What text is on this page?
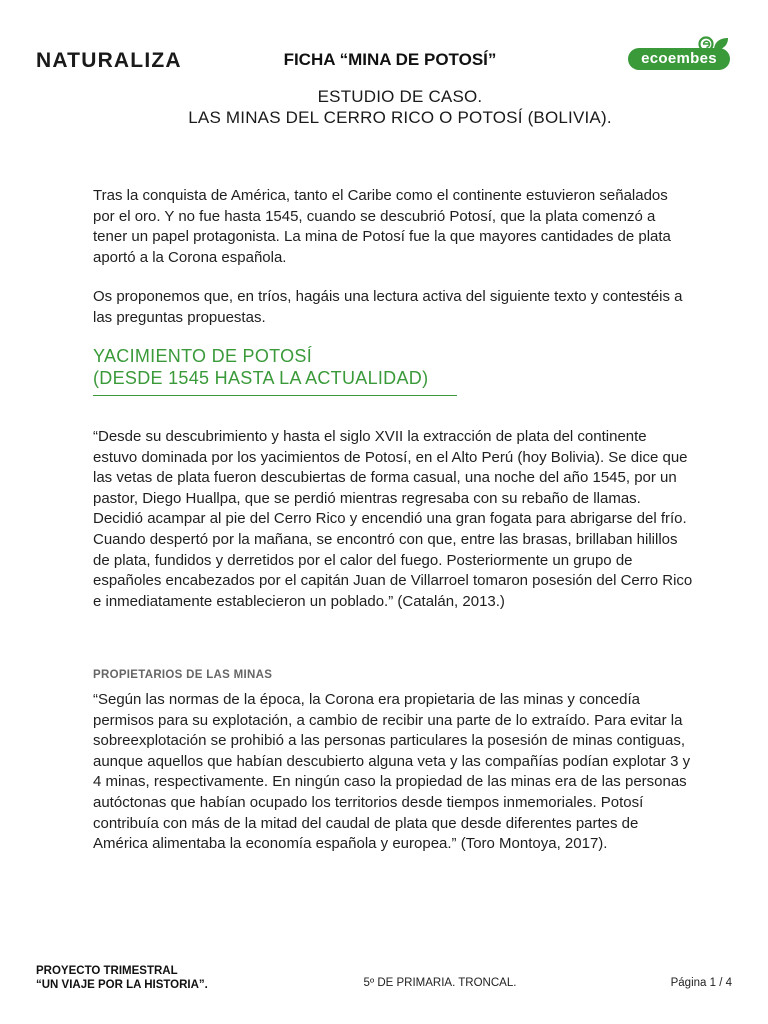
NATURALIZA	ecoembes
FICHA “MINA DE POTOSÍ”
ESTUDIO DE CASO.
LAS MINAS DEL CERRO RICO O POTOSÍ (BOLIVIA).

Tras la conquista de América, tanto el Caribe como el continente estuvieron señalados por el oro. Y no fue hasta 1545, cuando se descubrió Potosí, que la plata comenzó a tener un papel protagonista. La mina de Potosí fue la que mayores cantidades de plata aportó a la Corona española.

Os proponemos que, en tríos, hagáis una lectura activa del siguiente texto y contestéis a las preguntas propuestas.

YACIMIENTO DE POTOSÍ
(DESDE 1545 HASTA LA ACTUALIDAD)

“Desde su descubrimiento y hasta el siglo XVII la extracción de plata del continente estuvo dominada por los yacimientos de Potosí, en el Alto Perú (hoy Bolivia). Se dice que las vetas de plata fueron descubiertas de forma casual, una noche del año 1545, por un pastor, Diego Huallpa, que se perdió mientras regresaba con su rebaño de llamas. Decidió acampar al pie del Cerro Rico y encendió una gran fogata para abrigarse del frío. Cuando despertó por la mañana, se encontró con que, entre las brasas, brillaban hilillos de plata, fundidos y derretidos por el calor del fuego. Posteriormente un grupo de españoles encabezados por el capitán Juan de Villarroel tomaron posesión del Cerro Rico e inmediatamente establecieron un poblado.” (Catalán, 2013.)

PROPIETARIOS DE LAS MINAS

“Según las normas de la época, la Corona era propietaria de las minas y concedía permisos para su explotación, a cambio de recibir una parte de lo extraído. Para evitar la sobreexplotación se prohibió a las personas particulares la posesión de minas contiguas, aunque aquellos que habían descubierto alguna veta y las compañías podían explotar 3 y 4 minas, respectivamente. En ningún caso la propiedad de las minas era de las personas autóctonas que habían ocupado los territorios desde tiempos inmemoriales. Potosí contribuía con más de la mitad del caudal de plata que desde diferentes partes de América alimentaba la economía española y europea.” (Toro Montoya, 2017).

PROYECTO TRIMESTRAL
“UN VIAJE POR LA HISTORIA”.	5º DE PRIMARIA. TRONCAL.	Página 1 / 4
